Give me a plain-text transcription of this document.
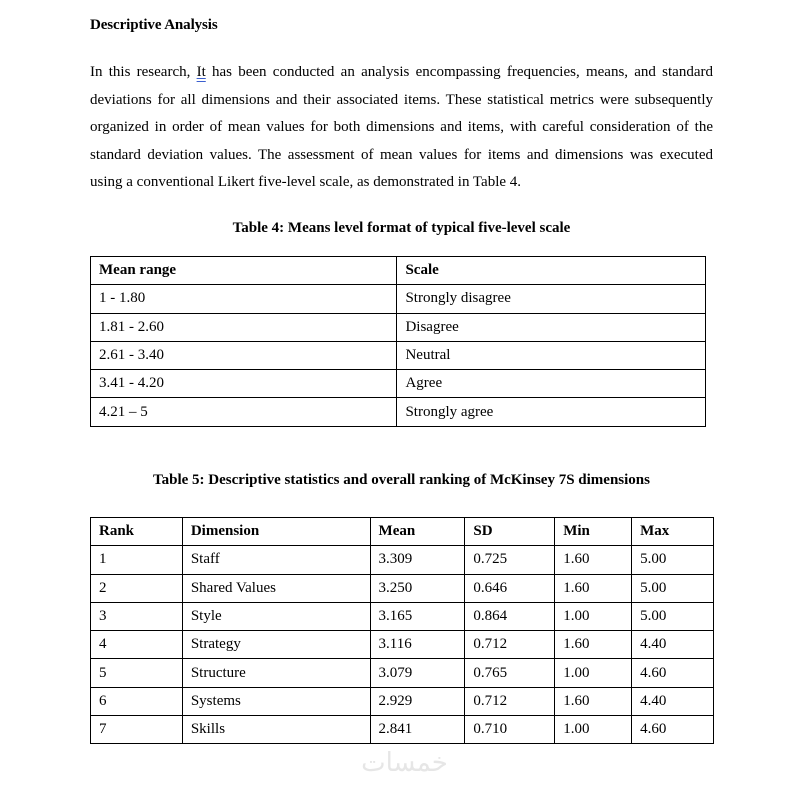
Descriptive Analysis
In this research, It has been conducted an analysis encompassing frequencies, means, and standard deviations for all dimensions and their associated items. These statistical metrics were subsequently organized in order of mean values for both dimensions and items, with careful consideration of the standard deviation values. The assessment of mean values for items and dimensions was executed using a conventional Likert five-level scale, as demonstrated in Table 4.
Table 4: Means level format of typical five-level scale
Mean range	Scale
1 - 1.80	Strongly disagree
1.81 - 2.60	Disagree
2.61 - 3.40	Neutral
3.41 - 4.20	Agree
4.21 – 5	Strongly agree
Table 5: Descriptive statistics and overall ranking of McKinsey 7S dimensions
Rank	Dimension	Mean	SD	Min	Max
1	Staff	3.309	0.725	1.60	5.00
2	Shared Values	3.250	0.646	1.60	5.00
3	Style	3.165	0.864	1.00	5.00
4	Strategy	3.116	0.712	1.60	4.40
5	Structure	3.079	0.765	1.00	4.60
6	Systems	2.929	0.712	1.60	4.40
7	Skills	2.841	0.710	1.00	4.60
خمسات
